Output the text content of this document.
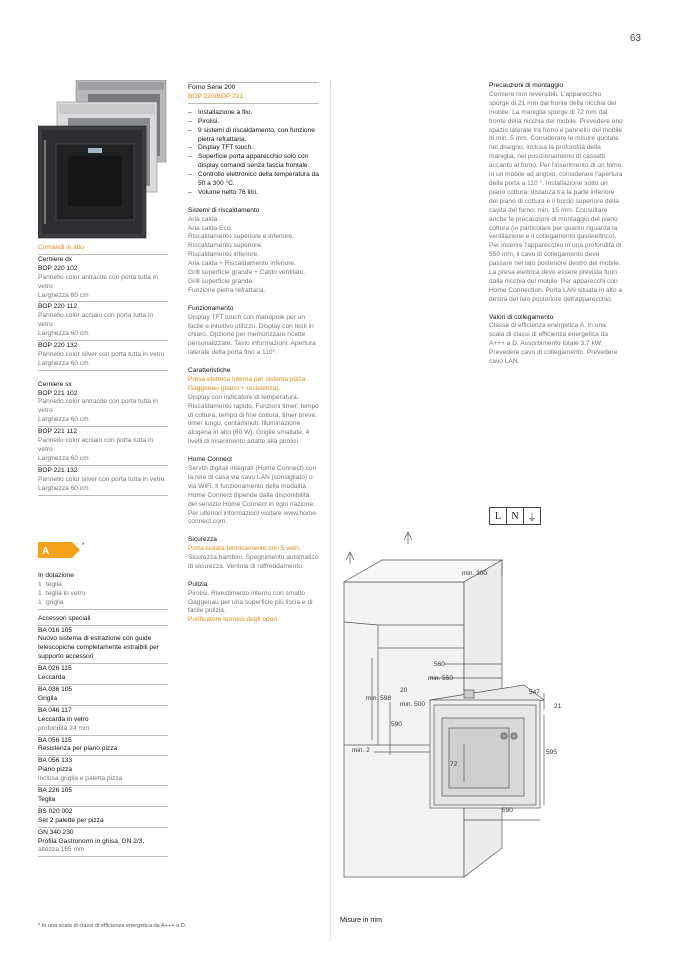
63

Comandi in alto

Cerniere dx

BOP 220 102

Pannello color antracite con porta tutta in vetro

Larghezza 60 cm

BOP 220 112

Pannello color acciaio con porta tutta in vetro

Larghezza 60 cm

BOP 220 132

Pannello color silver con porta tutta in vetro

Larghezza 60 cm

Cerniere sx

BOP 221 102

Pannello color antracite con porta tutta in vetro

Larghezza 60 cm

BOP 221 112

Pannello color acciaio con porta tutta in vetro

Larghezza 60 cm

BOP 221 132

Pannello color silver con porta tutta in vetro

Larghezza 60 cm

A	*

In dotazione

1 teglia
1 teglia in vetro
1 griglia

Accessori speciali

BA 016 105

Nuovo sistema di estrazione con guide telescopiche completamente estraibili per supporto accessori

BA 026 115

Leccarda

BA 036 105

Griglia

BA 046 117

Leccarda in vetro

profondità 24 mm

BA 056 115

Resistenza per piano pizza

BA 056 133

Piano pizza

inclusa griglia e paletta pizza

BA 226 105

Teglia

BS 020 002

Set 2 palette per pizza

GN 340 230

Profila Gastronorm in ghisa, GN 2/3,

altezza 165 mm

Forno Serie 200

BOP 220/BOP 221

– Installazione a filo.
– Pirolisi.
– 9 sistemi di riscaldamento, con funzione pietra refrattaria.
– Display TFT touch.
– Superficie porta apparecchio solo con display comandi senza fascia frontale.
– Controllo elettronico della temperatura da 50 a 300 °C.
– Volume netto 76 litri.

Sistemi di riscaldamento

Aria calda.

Aria calda Eco.

Riscaldamento superiore e inferiore.

Riscaldamento superiore.

Riscaldamento inferiore.

Aria calda + Riscaldamento inferiore.

Grill superficie grande + Caldo ventilato.

Grill superficie grande.

Funzione pietra refrattaria.

Funzionamento

Display TFT touch con manopole per un facile e intuitivo utilizzo. Display con testi in chiaro. Opzione per memorizzare ricette personalizzate. Tasto informazioni. Apertura laterale della porta fino a 110°.

Caratteristiche

Presa elettrica interna per sistema pizza Gaggenau (piano + resistenza).

Display con indicatore di temperatura. Riscaldamento rapido. Funzioni timer: tempo di cottura, tempo di fine cottura, timer breve, timer lungo, contaminuti. Illuminazione alogena in alto (60 W). Griglie smaltate, 4 livelli di inserimento adatte alla pirolisi.

Home Connect

Servizi digitali integrati (Home Connect) con la rete di casa via cavo LAN (consigliato) o via WiFi. Il funzionamento della modalità Home Connect dipende dalla disponibilità del servizio Home Connect in ogni nazione. Per ulteriori informazioni visitare www.home-connect.com.

Sicurezza

Porta isolata termicamente con 5 vetri.

Sicurezza bambini. Spegnimento automatico di sicurezza. Ventola di raffreddamento.

Pulizia

Pirolisi. Rivestimento interno con smalto Gaggenau per una superficie più liscia e di facile pulizia.

Purificatore termico degli odori.

Precauzioni di montaggio

Cerniere non reversibili. L'apparecchio sporge di 21 mm dal fronte della nicchia del mobile. La maniglia sporge di 72 mm dal fronte della nicchia del mobile. Prevedere uno spazio laterale tra forno e pannello del mobile di min. 5 mm. Considerare le misure quotate nel disegno, inclusa la profondità della maniglia, nel posizionamento di cassetti accanto al forno. Per l'inserimento di un forno in un mobile ad angolo, considerare l'apertura della porta a 110 °. Installazione sotto un piano cottura: distanza tra la parte inferiore del piano di cottura e il bordo superiore della cavità del forno: min. 15 mm. Consultare anche le precauzioni di montaggio del piano cottura (in particolare per quanto riguarda la ventilazione e il collegamento gas/elettrico). Per inserire l'apparecchio in una profondità di 550 mm, il cavo di collegamento deve passare nel lato posteriore destro del mobile. La presa elettrica deve essere prevista fuori dalla nicchia del mobile. Per apparecchi con Home Connection: Porta LAN situata in alto a destra del lato posteriore dell'apparecchio.

Valori di collegamento

Classe di efficienza energetica A, in una scala di classi di efficienza energetica da A+++ a D. Assorbimento totale 3,7 kW. Prevedere cavo di collegamento. Prevedere cavo LAN.

L	N ⏚
min. 300
560
min. 550
20
min. 500
min. 598
590
547
21
min. 2	595
72
590
Misure in mm
* In una scala di classi di efficienza energetica da A+++ a D.
